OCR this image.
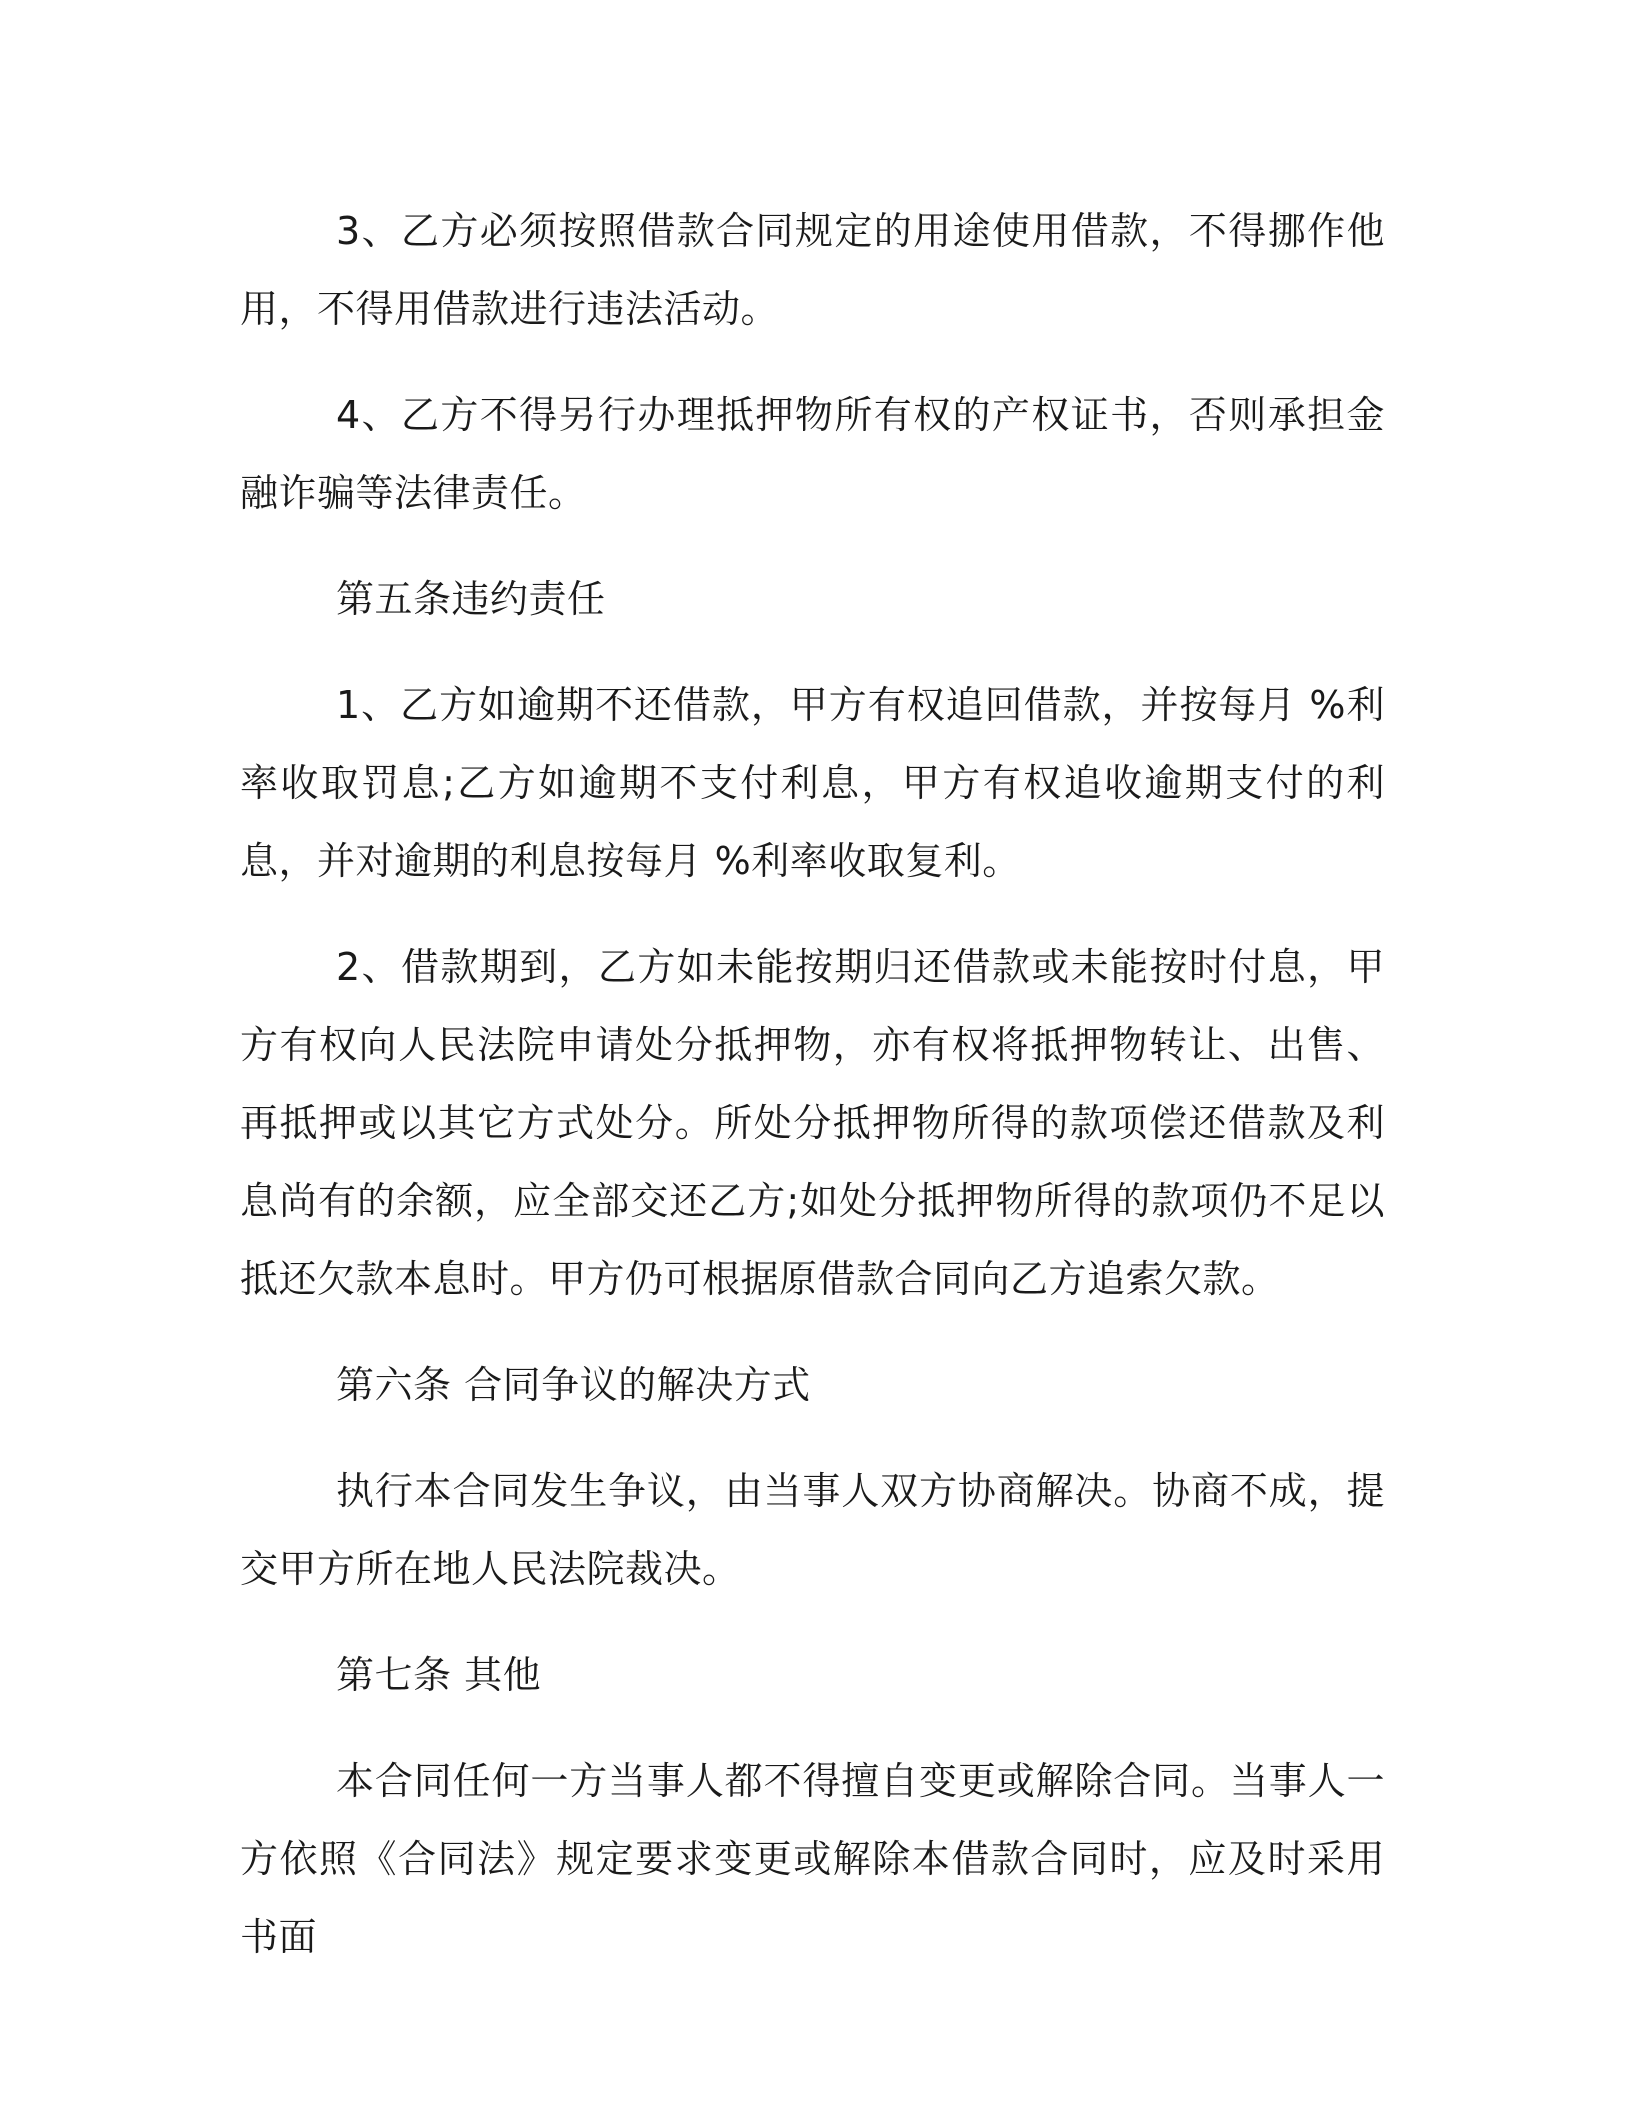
3、乙方必须按照借款合同规定的用途使用借款，不得挪作他用，不得用借款进行违法活动。

4、乙方不得另行办理抵押物所有权的产权证书，否则承担金融诈骗等法律责任。

第五条违约责任

1、乙方如逾期不还借款，甲方有权追回借款，并按每月 %利率收取罚息;乙方如逾期不支付利息，甲方有权追收逾期支付的利息，并对逾期的利息按每月 %利率收取复利。

2、借款期到，乙方如未能按期归还借款或未能按时付息，甲方有权向人民法院申请处分抵押物，亦有权将抵押物转让、出售、再抵押或以其它方式处分。所处分抵押物所得的款项偿还借款及利息尚有的余额，应全部交还乙方;如处分抵押物所得的款项仍不足以抵还欠款本息时。甲方仍可根据原借款合同向乙方追索欠款。

第六条 合同争议的解决方式

执行本合同发生争议，由当事人双方协商解决。协商不成，提交甲方所在地人民法院裁决。

第七条 其他

本合同任何一方当事人都不得擅自变更或解除合同。当事人一方依照《合同法》规定要求变更或解除本借款合同时，应及时采用书面
